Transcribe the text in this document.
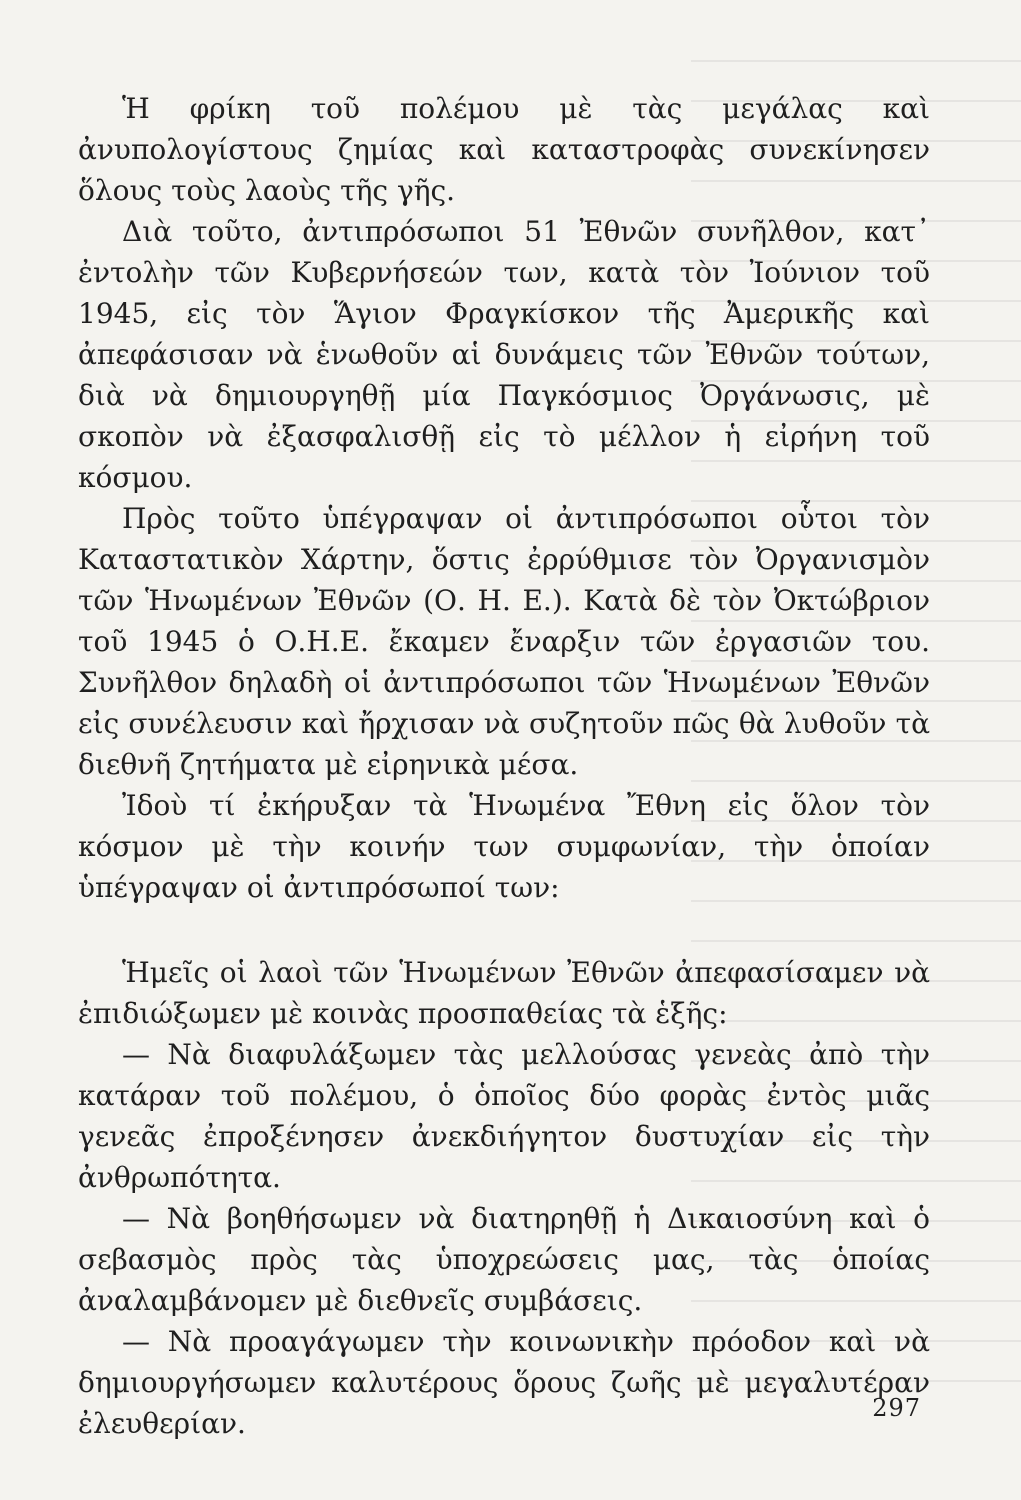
Ἡ φρίκη τοῦ πολέμου μὲ τὰς μεγάλας καὶ ἀνυπολογίστους ζημίας καὶ καταστροφὰς συνεκίνησεν ὅλους τοὺς λαοὺς τῆς γῆς.

Διὰ τοῦτο, ἀντιπρόσωποι 51 Ἐθνῶν συνῆλθον, κατ᾽ ἐντολὴν τῶν Κυβερνήσεών των, κατὰ τὸν Ἰούνιον τοῦ 1945, εἰς τὸν Ἅγιον Φραγκίσκον τῆς Ἀμερικῆς καὶ ἀπεφάσισαν νὰ ἑνωθοῦν αἱ δυνάμεις τῶν Ἐθνῶν τούτων, διὰ νὰ δημιουργηθῇ μία Παγκόσμιος Ὀργάνωσις, μὲ σκοπὸν νὰ ἐξασφαλισθῇ εἰς τὸ μέλλον ἡ εἰρήνη τοῦ κόσμου.

Πρὸς τοῦτο ὑπέγραψαν οἱ ἀντιπρόσωποι οὗτοι τὸν Καταστατικὸν Χάρτην, ὅστις ἐρρύθμισε τὸν Ὀργανισμὸν τῶν Ἡνωμένων Ἐθνῶν (Ο. Η. Ε.). Κατὰ δὲ τὸν Ὀκτώβριον τοῦ 1945 ὁ Ο.Η.Ε. ἔκαμεν ἔναρξιν τῶν ἐργασιῶν του. Συνῆλθον δηλαδὴ οἱ ἀντιπρόσωποι τῶν Ἡνωμένων Ἐθνῶν εἰς συνέλευσιν καὶ ἤρχισαν νὰ συζητοῦν πῶς θὰ λυθοῦν τὰ διεθνῆ ζητήματα μὲ εἰρηνικὰ μέσα.

Ἰδοὺ τί ἐκήρυξαν τὰ Ἡνωμένα Ἔθνη εἰς ὅλον τὸν κόσμον μὲ τὴν κοινήν των συμφωνίαν, τὴν ὁποίαν ὑπέγραψαν οἱ ἀντιπρόσωποί των:

Ἡμεῖς οἱ λαοὶ τῶν Ἡνωμένων Ἐθνῶν ἀπεφασίσαμεν νὰ ἐπιδιώξωμεν μὲ κοινὰς προσπαθείας τὰ ἑξῆς:

— Νὰ διαφυλάξωμεν τὰς μελλούσας γενεὰς ἀπὸ τὴν κατάραν τοῦ πολέμου, ὁ ὁποῖος δύο φορὰς ἐντὸς μιᾶς γενεᾶς ἐπροξένησεν ἀνεκδιήγητον δυστυχίαν εἰς τὴν ἀνθρωπότητα.

— Νὰ βοηθήσωμεν νὰ διατηρηθῇ ἡ Δικαιοσύνη καὶ ὁ σεβασμὸς πρὸς τὰς ὑποχρεώσεις μας, τὰς ὁποίας ἀναλαμβάνομεν μὲ διεθνεῖς συμβάσεις.

— Νὰ προαγάγωμεν τὴν κοινωνικὴν πρόοδον καὶ νὰ δημιουργήσωμεν καλυτέρους ὅρους ζωῆς μὲ μεγαλυτέραν ἐλευθερίαν.	297
